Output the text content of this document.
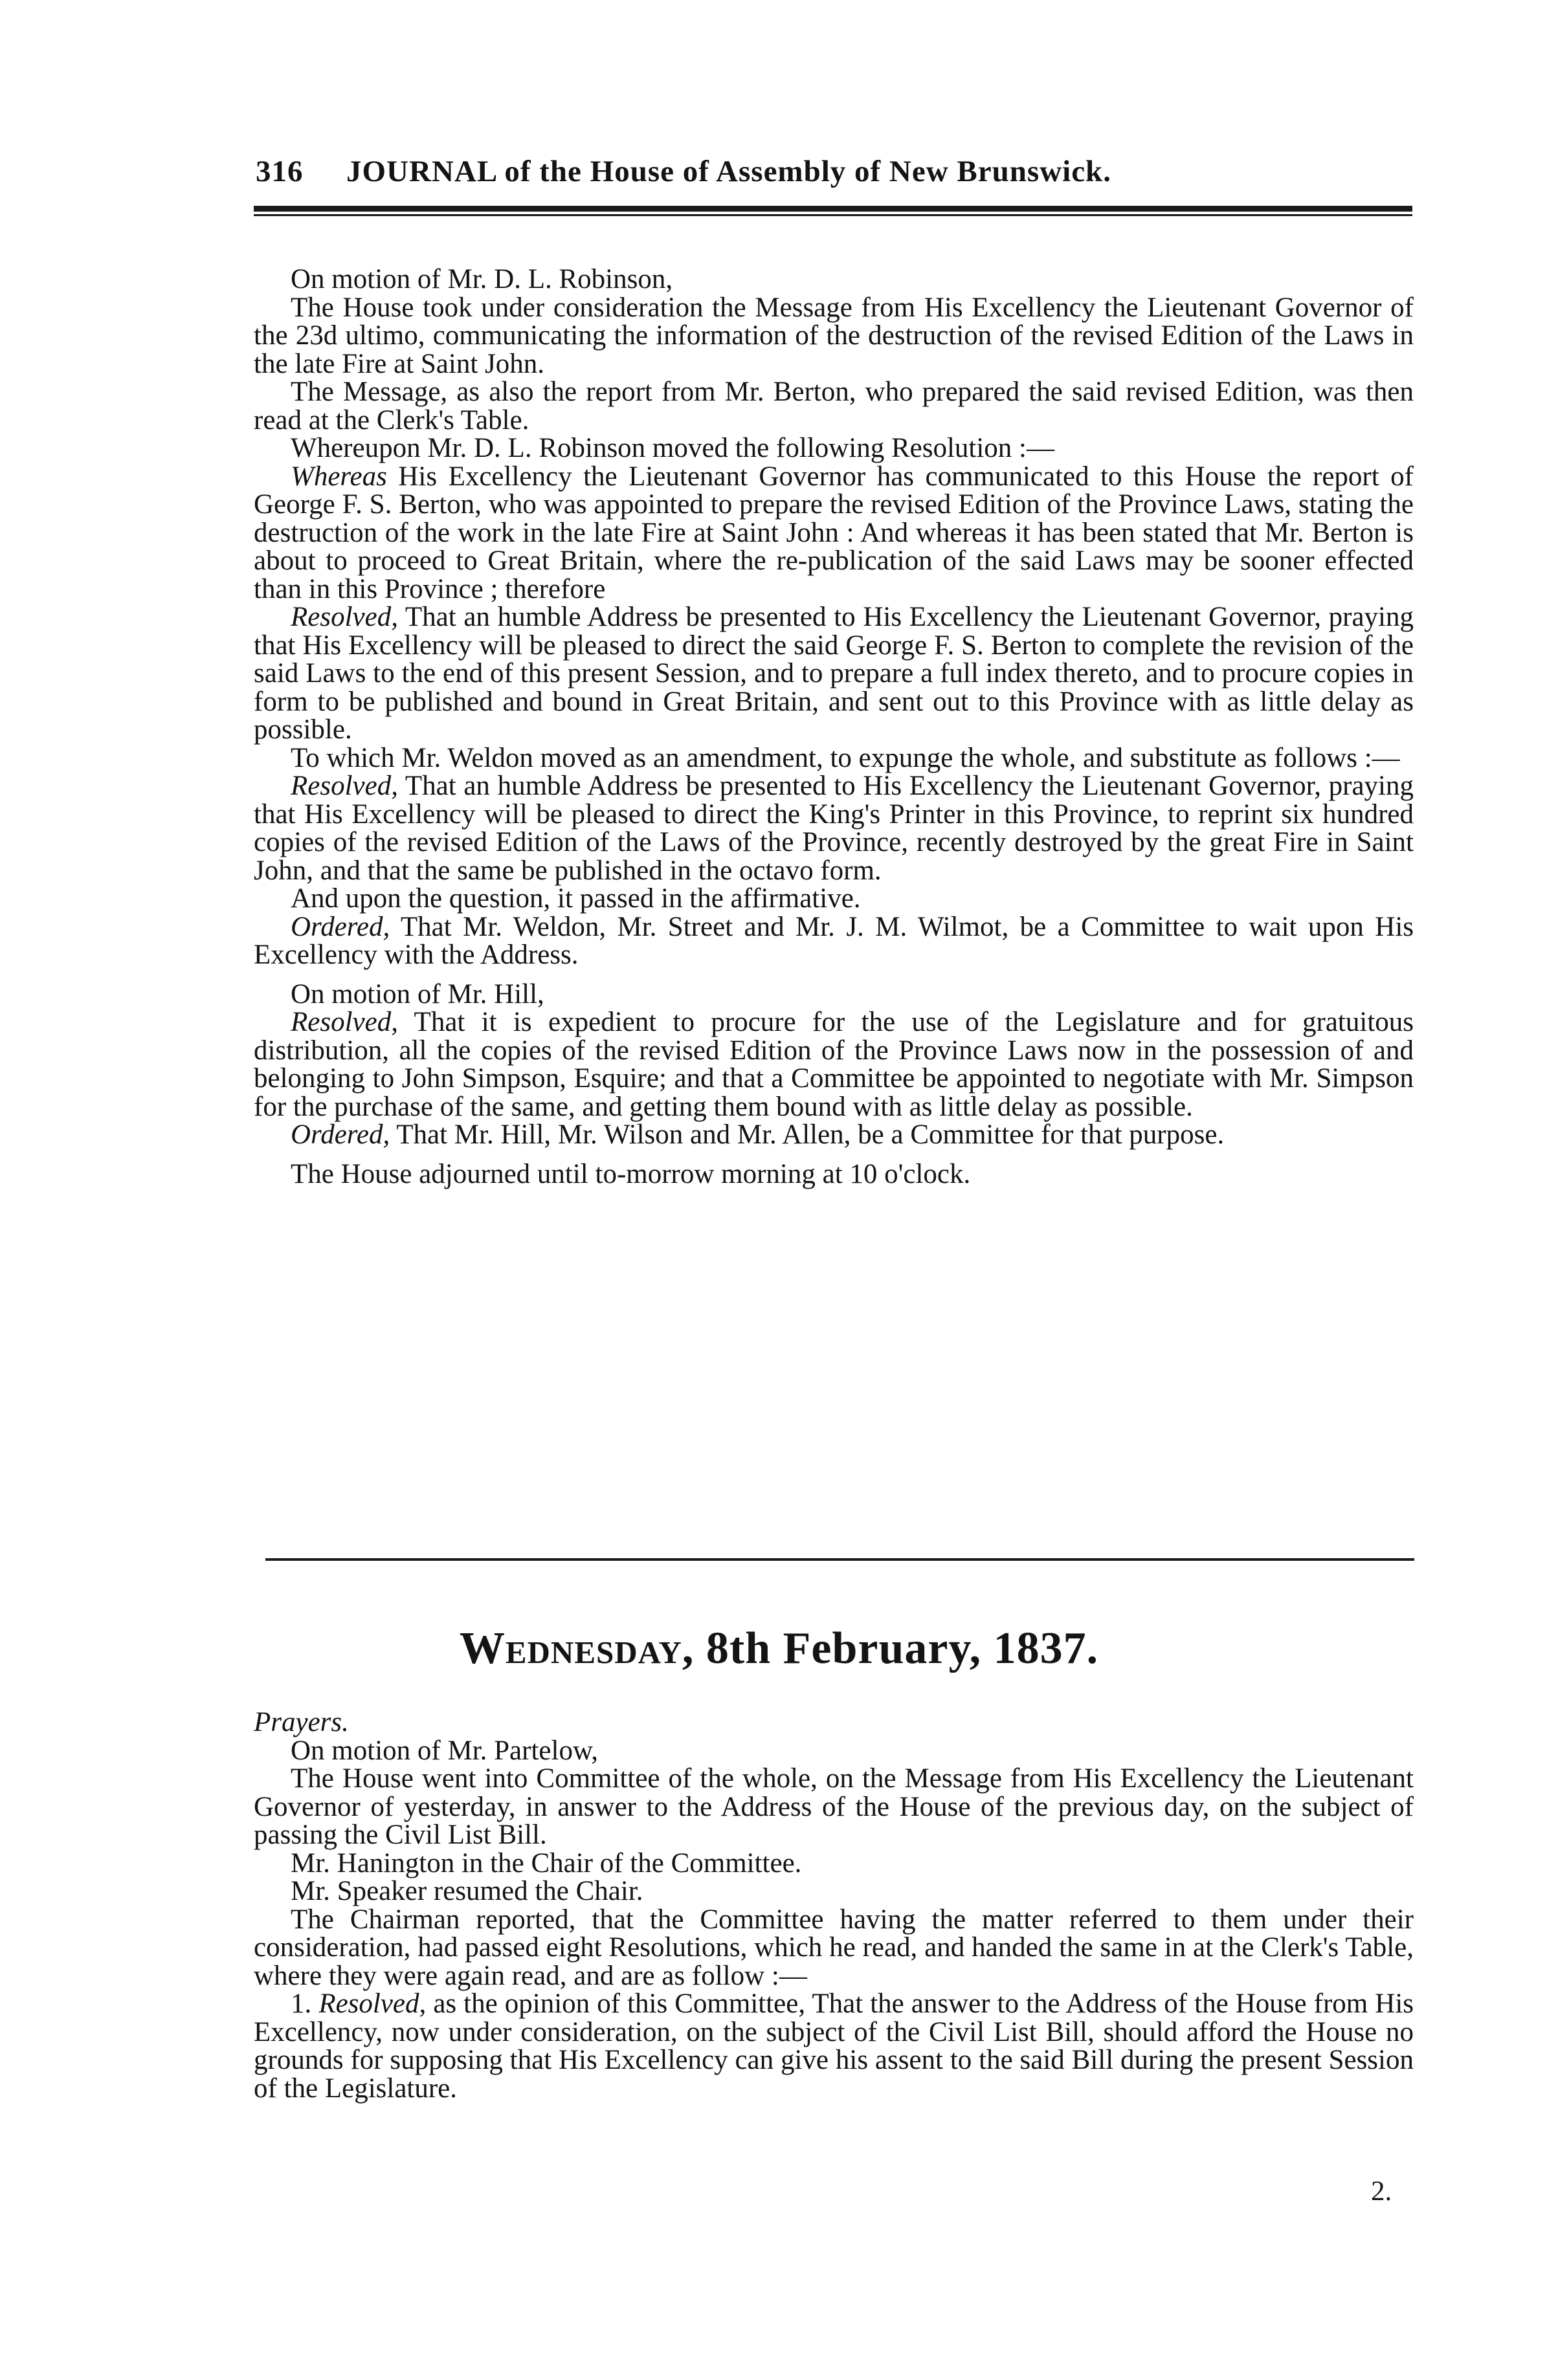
316 JOURNAL of the House of Assembly of New Brunswick.

On motion of Mr. D. L. Robinson,

The House took under consideration the Message from His Excellency the Lieutenant Governor of the 23d ultimo, communicating the information of the destruction of the revised Edition of the Laws in the late Fire at Saint John.

The Message, as also the report from Mr. Berton, who prepared the said revised Edition, was then read at the Clerk's Table.

Whereupon Mr. D. L. Robinson moved the following Resolution :—

Whereas His Excellency the Lieutenant Governor has communicated to this House the report of George F. S. Berton, who was appointed to prepare the revised Edition of the Province Laws, stating the destruction of the work in the late Fire at Saint John : And whereas it has been stated that Mr. Berton is about to proceed to Great Britain, where the re-publication of the said Laws may be sooner effected than in this Province ; therefore

Resolved, That an humble Address be presented to His Excellency the Lieutenant Governor, praying that His Excellency will be pleased to direct the said George F. S. Berton to complete the revision of the said Laws to the end of this present Session, and to prepare a full index thereto, and to procure copies in form to be published and bound in Great Britain, and sent out to this Province with as little delay as possible.

To which Mr. Weldon moved as an amendment, to expunge the whole, and substitute as follows :—

Resolved, That an humble Address be presented to His Excellency the Lieutenant Governor, praying that His Excellency will be pleased to direct the King's Printer in this Province, to reprint six hundred copies of the revised Edition of the Laws of the Province, recently destroyed by the great Fire in Saint John, and that the same be published in the octavo form.

And upon the question, it passed in the affirmative.

Ordered, That Mr. Weldon, Mr. Street and Mr. J. M. Wilmot, be a Committee to wait upon His Excellency with the Address.

On motion of Mr. Hill,

Resolved, That it is expedient to procure for the use of the Legislature and for gratuitous distribution, all the copies of the revised Edition of the Province Laws now in the possession of and belonging to John Simpson, Esquire; and that a Committee be appointed to negotiate with Mr. Simpson for the purchase of the same, and getting them bound with as little delay as possible.

Ordered, That Mr. Hill, Mr. Wilson and Mr. Allen, be a Committee for that purpose.

The House adjourned until to-morrow morning at 10 o'clock.

Wednesday, 8th February, 1837.

Prayers.

On motion of Mr. Partelow,

The House went into Committee of the whole, on the Message from His Excellency the Lieutenant Governor of yesterday, in answer to the Address of the House of the previous day, on the subject of passing the Civil List Bill.

Mr. Hanington in the Chair of the Committee.

Mr. Speaker resumed the Chair.

The Chairman reported, that the Committee having the matter referred to them under their consideration, had passed eight Resolutions, which he read, and handed the same in at the Clerk's Table, where they were again read, and are as follow :—

1. Resolved, as the opinion of this Committee, That the answer to the Address of the House from His Excellency, now under consideration, on the subject of the Civil List Bill, should afford the House no grounds for supposing that His Excellency can give his assent to the said Bill during the present Session of the Legislature.

2.
